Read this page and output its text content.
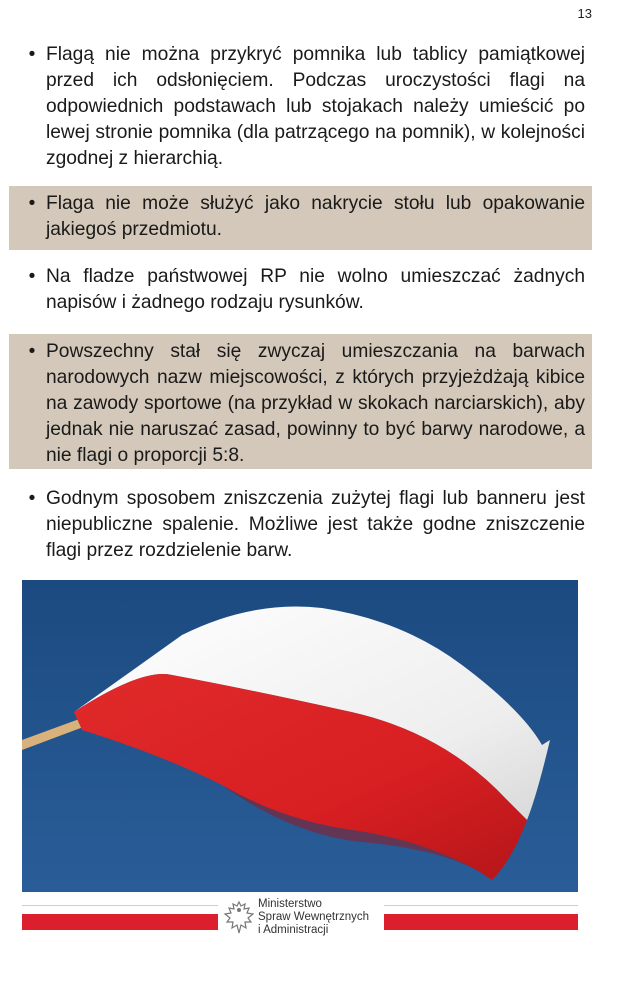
13
• Flagą nie można przykryć pomnika lub tablicy pamiątkowej przed ich odsłonięciem. Podczas uroczystości flagi na odpowiednich podstawach lub stojakach należy umieścić po lewej stronie pomnika (dla patrzącego na pomnik), w kolejności zgodnej z hierarchią.
• Flaga nie może służyć jako nakrycie stołu lub opakowanie jakiegoś przedmiotu.
• Na fladze państwowej RP nie wolno umieszczać żadnych napisów i żadnego rodzaju rysunków.
• Powszechny stał się zwyczaj umieszczania na barwach narodowych nazw miejscowości, z których przyjeżdżają kibice na zawody sportowe (na przykład w skokach narciarskich), aby jednak nie naruszać zasad, powinny to być barwy narodowe, a nie flagi o proporcji 5:8.
• Godnym sposobem zniszczenia zużytej flagi lub banneru jest niepubliczne spalenie. Możliwe jest także godne zniszczenie flagi przez rozdzielenie barw.
Ministerstwo
Spraw Wewnętrznych
i Administracji
